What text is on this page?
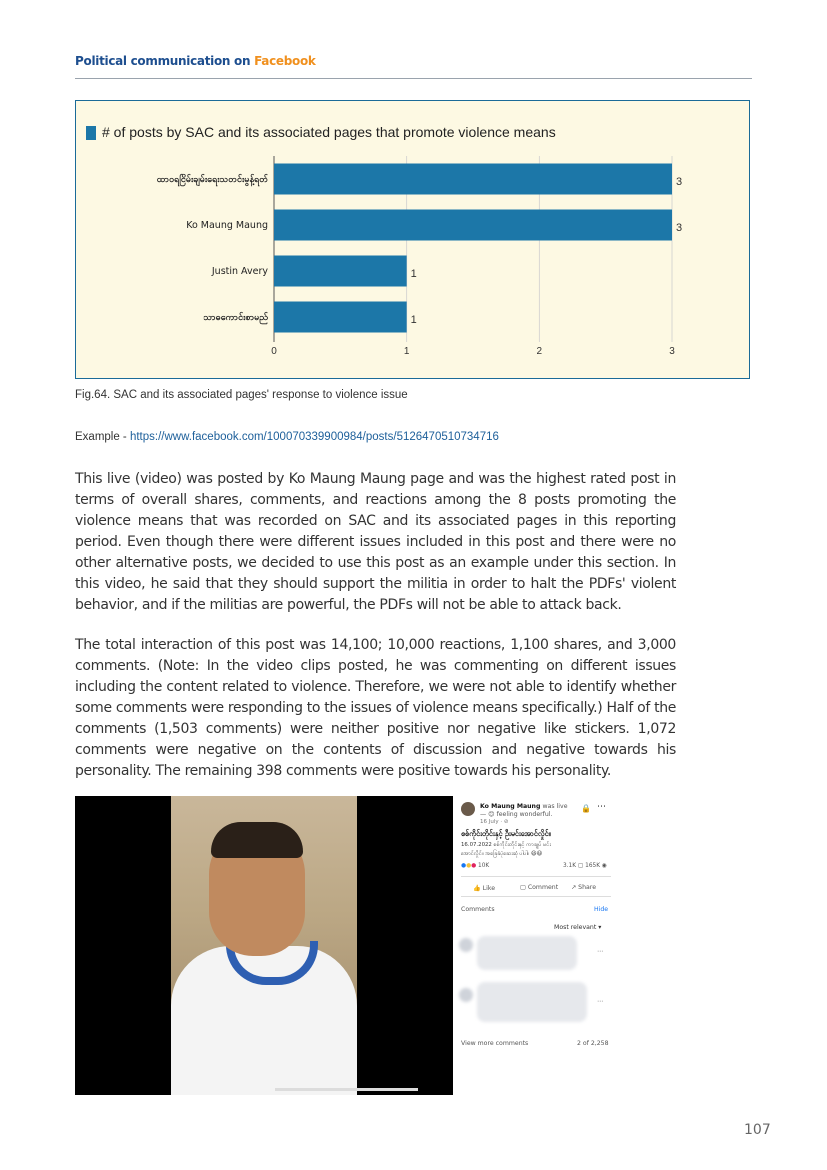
Political communication on Facebook
# of posts by SAC and its associated pages that promote violence means
0	1	2	3
ထာဝရငြိမ်းချမ်းရေးသတင်းမွန့်ရတ်	3
Ko Maung Maung	3
Justin Avery	1
သာဓကောင်းစာမည်	1
Fig.64. SAC and its associated pages' response to violence issue
Example - https://www.facebook.com/100070339900984/posts/5126470510734716
This live (video) was posted by Ko Maung Maung page and was the highest rated post in terms of overall shares, comments, and reactions among the 8 posts promoting the violence means that was recorded on SAC and its associated pages in this reporting period. Even though there were different issues included in this post and there were no other alternative posts, we decided to use this post as an example under this section. In this video, he said that they should support the militia in order to halt the PDFs' violent behavior, and if the militias are powerful, the PDFs will not be able to attack back.
The total interaction of this post was 14,100; 10,000 reactions, 1,100 shares, and 3,000 comments. (Note: In the video clips posted, he was commenting on different issues including the content related to violence. Therefore, we were not able to identify whether some comments were responding to the issues of violence means specifically.) Half of the comments (1,503 comments) were neither positive nor negative like stickers. 1,072 comments were negative on the contents of discussion and negative towards his personality. The remaining 398 comments were positive towards his personality.
Ko Maung Maung was live
— 😊 feeling wonderful.
16 July · ⊘
🔒 ⋯
စစ်ကိုင်းတိုင်းနှင့် ဦးမင်းအောင်လှိုင်။
16.07.2022 စစ်ကိုင်းတိုင်းနှင့် ကာချုပ် မင်း
အောင်လှိုင်။ အခြေခံပုံဆေးဆုံ ပါပါ။ 😆😆
●●● 10K	3.1K ▢ 165K ◉
👍 Like	▢ Comment ↗ Share
Comments	Hide
Most relevant ▾
⋯
⋯
View more comments	2 of 2,258
107
